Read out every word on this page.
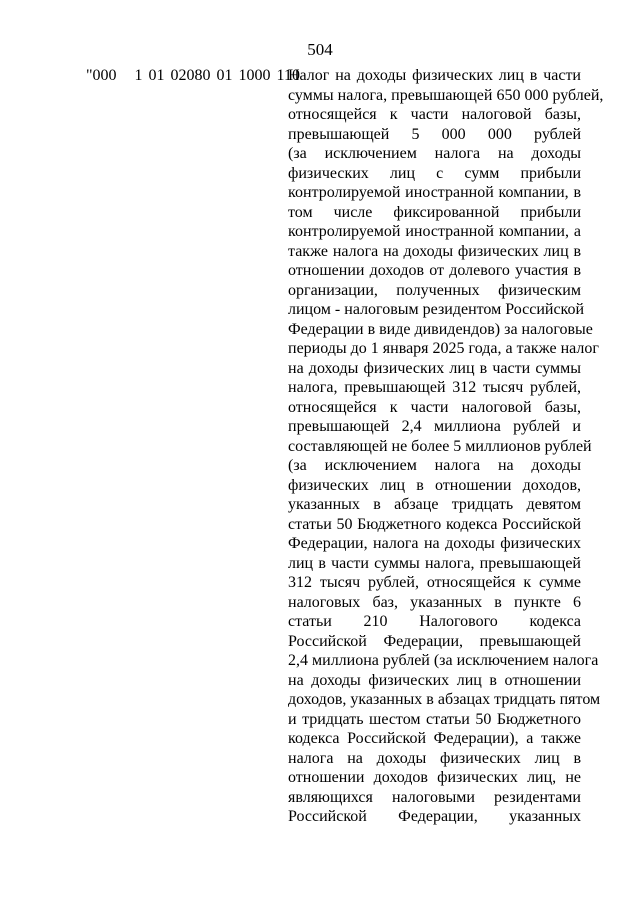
504
"000   1 01 02080 01 1000 110
Налог на доходы физических лиц в части
суммы налога, превышающей 650 000 рублей,
относящейся к части налоговой базы,
превышающей 5 000 000 рублей
(за исключением налога на доходы
физических лиц с сумм прибыли
контролируемой иностранной компании, в
том числе фиксированной прибыли
контролируемой иностранной компании, а
также налога на доходы физических лиц в
отношении доходов от долевого участия в
организации, полученных физическим
лицом - налоговым резидентом Российской
Федерации в виде дивидендов) за налоговые
периоды до 1 января 2025 года, а также налог
на доходы физических лиц в части суммы
налога, превышающей 312 тысяч рублей,
относящейся к части налоговой базы,
превышающей 2,4 миллиона рублей и
составляющей не более 5 миллионов рублей
(за исключением налога на доходы
физических лиц в отношении доходов,
указанных в абзаце тридцать девятом
статьи 50 Бюджетного кодекса Российской
Федерации, налога на доходы физических
лиц в части суммы налога, превышающей
312 тысяч рублей, относящейся к сумме
налоговых баз, указанных в пункте 6
статьи 210 Налогового кодекса
Российской Федерации, превышающей
2,4 миллиона рублей (за исключением налога
на доходы физических лиц в отношении
доходов, указанных в абзацах тридцать пятом
и тридцать шестом статьи 50 Бюджетного
кодекса Российской Федерации), а также
налога на доходы физических лиц в
отношении доходов физических лиц, не
являющихся налоговыми резидентами
Российской Федерации, указанных
